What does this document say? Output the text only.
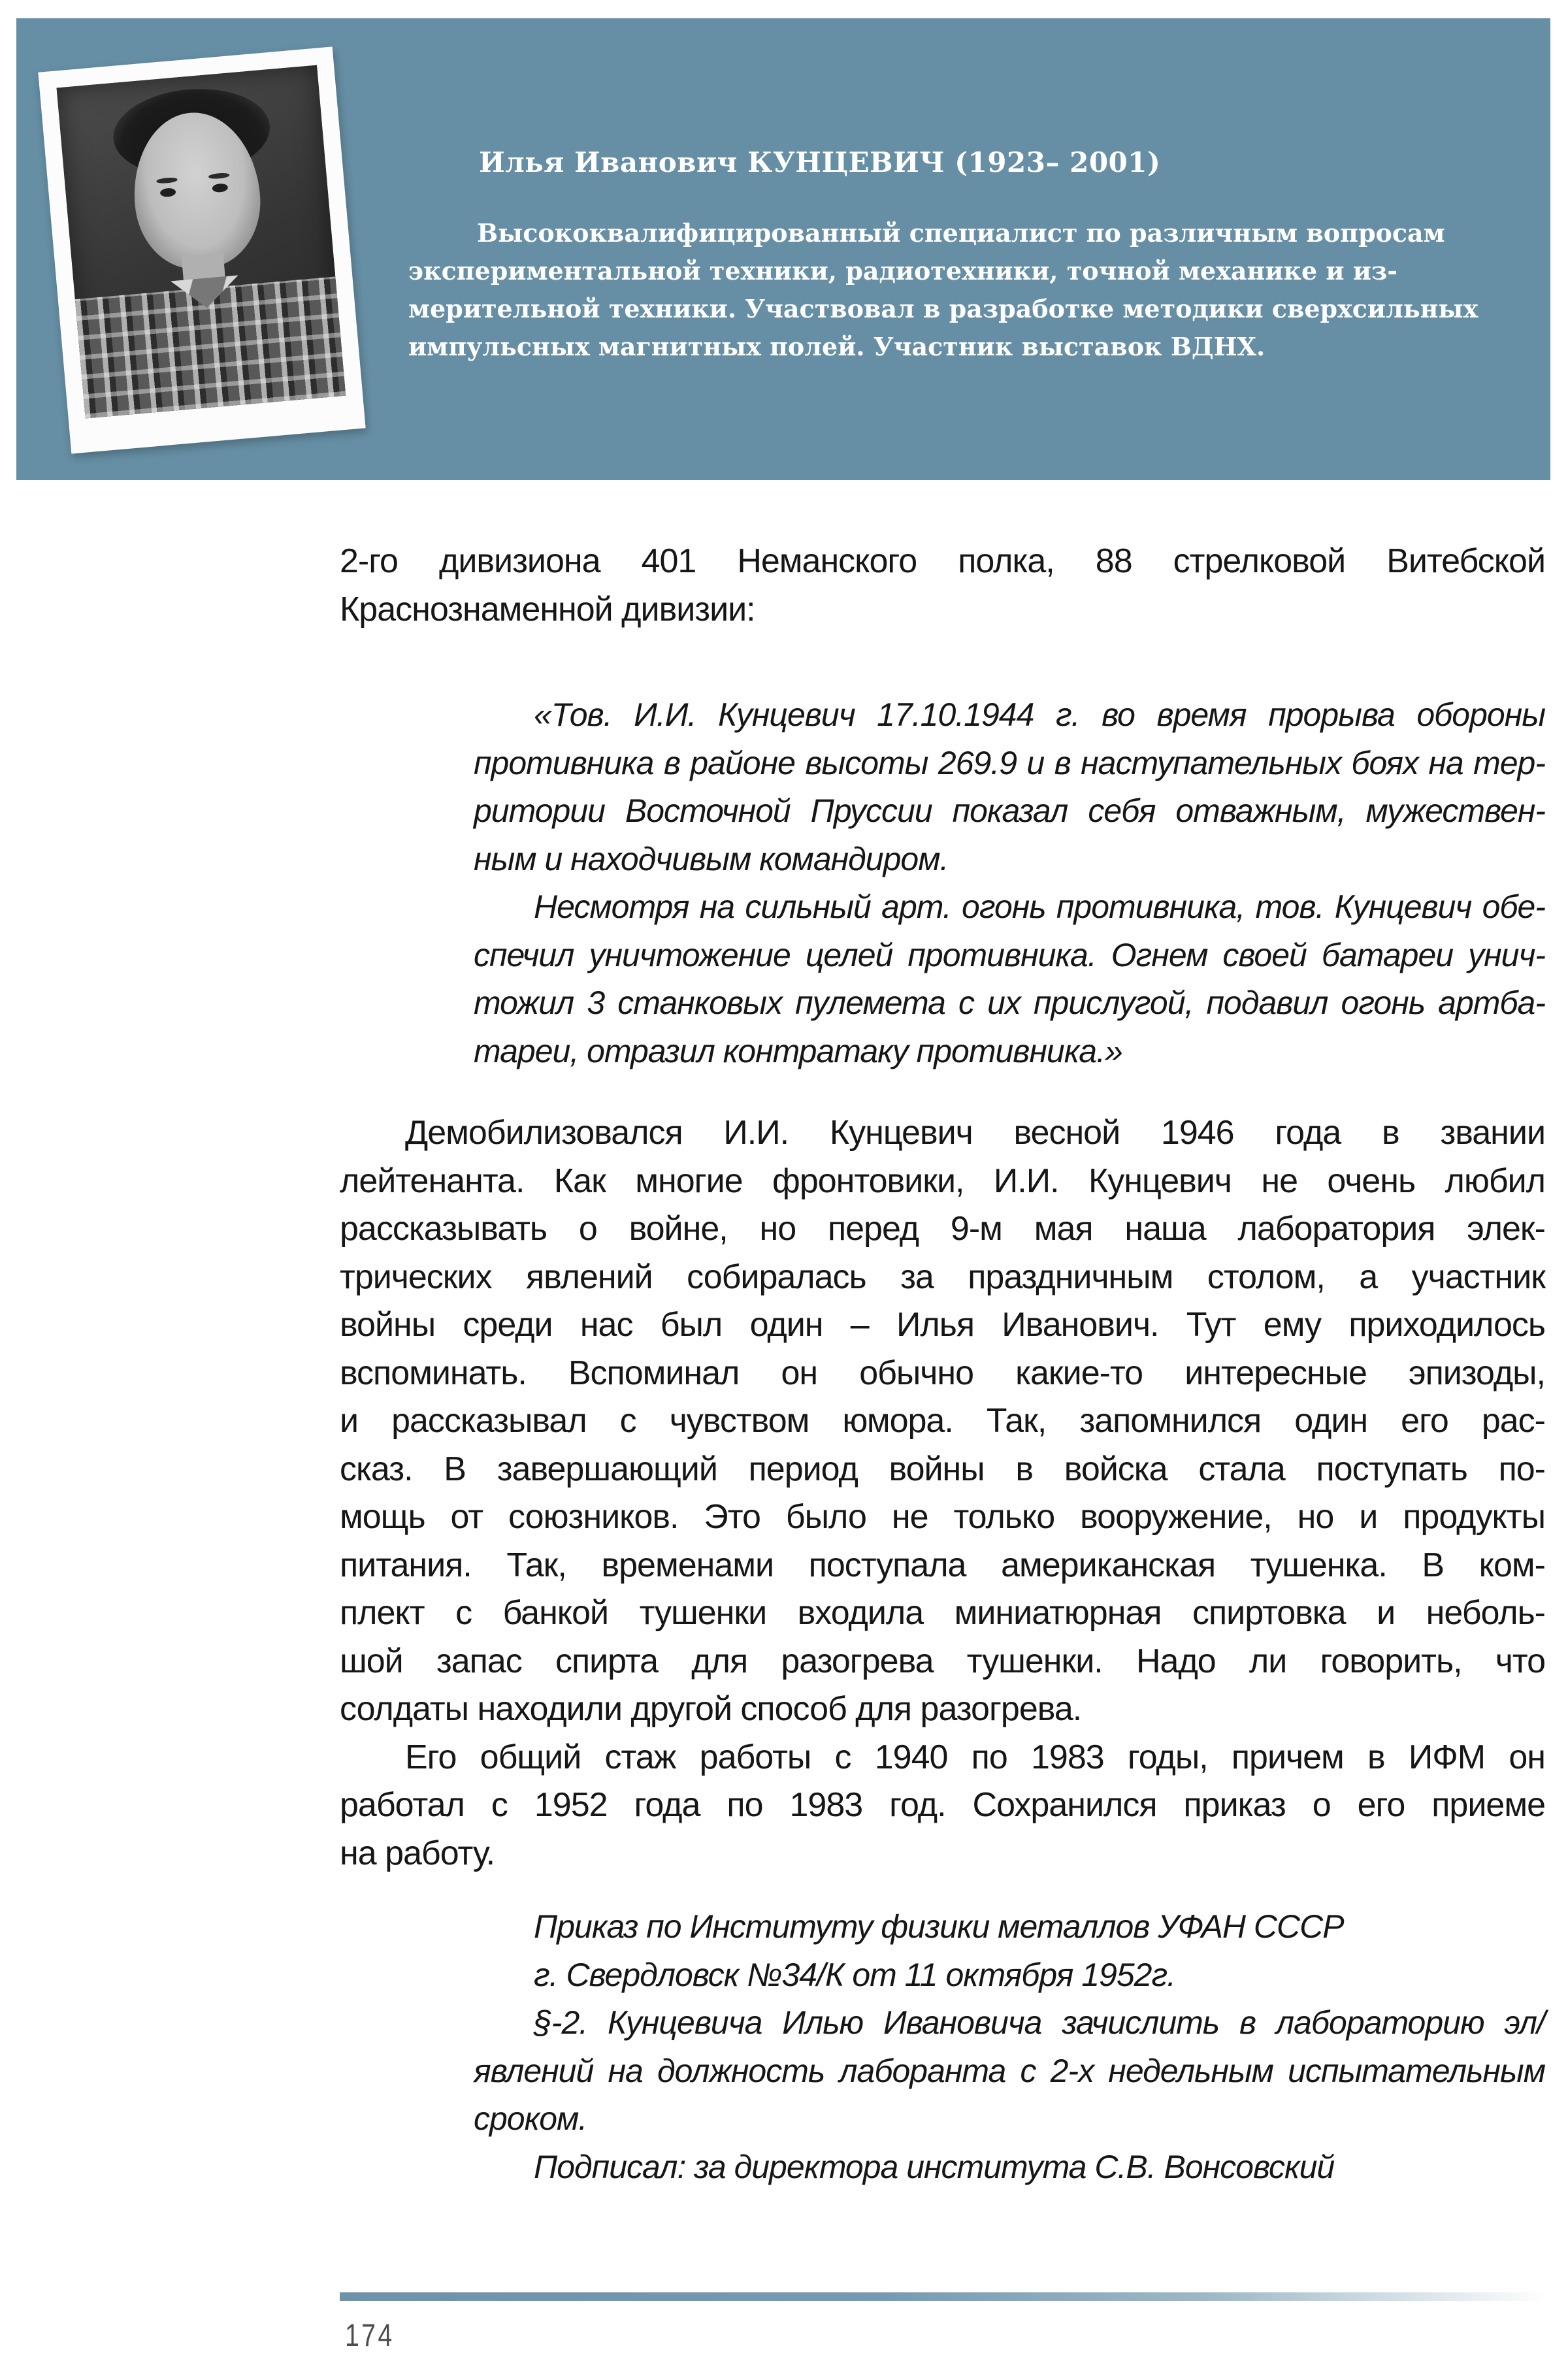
Илья Иванович КУНЦЕВИЧ (1923– 2001)
Высококвалифицированный специалист по различным вопросам
экспериментальной техники, радиотехники, точной механике и из-
мерительной техники. Участвовал в разработке методики сверхсильных
импульсных магнитных полей. Участник выставок ВДНХ.
2-го дивизиона 401 Неманского полка, 88 стрелковой Витебской
Краснознаменной дивизии:
«Тов. И.И. Кунцевич 17.10.1944 г. во время прорыва обороны
противника в районе высоты 269.9 и в наступательных боях на тер-
ритории Восточной Пруссии показал себя отважным, мужествен-
ным и находчивым командиром.
Несмотря на сильный арт. огонь противника, тов. Кунцевич обе-
спечил уничтожение целей противника. Огнем своей батареи унич-
тожил 3 станковых пулемета с их прислугой, подавил огонь артба-
тареи, отразил контратаку противника.»
Демобилизовался И.И. Кунцевич весной 1946 года в звании
лейтенанта. Как многие фронтовики, И.И. Кунцевич не очень любил
рассказывать о войне, но перед 9-м мая наша лаборатория элек-
трических явлений собиралась за праздничным столом, а участник
войны среди нас был один – Илья Иванович. Тут ему приходилось
вспоминать. Вспоминал он обычно какие-то интересные эпизоды,
и рассказывал с чувством юмора. Так, запомнился один его рас-
сказ. В завершающий период войны в войска стала поступать по-
мощь от союзников. Это было не только вооружение, но и продукты
питания. Так, временами поступала американская тушенка. В ком-
плект с банкой тушенки входила миниатюрная спиртовка и неболь-
шой запас спирта для разогрева тушенки. Надо ли говорить, что
солдаты находили другой способ для разогрева.
Его общий стаж работы с 1940 по 1983 годы, причем в ИФМ он
работал с 1952 года по 1983 год. Сохранился приказ о его приеме
на работу.
Приказ по Институту физики металлов УФАН СССР
г. Свердловск №34/К от 11 октября 1952г.
§-2. Кунцевича Илью Ивановича зачислить в лабораторию эл/
явлений на должность лаборанта с 2-х недельным испытательным
сроком.
Подписал: за директора института С.В. Вонсовский
174
